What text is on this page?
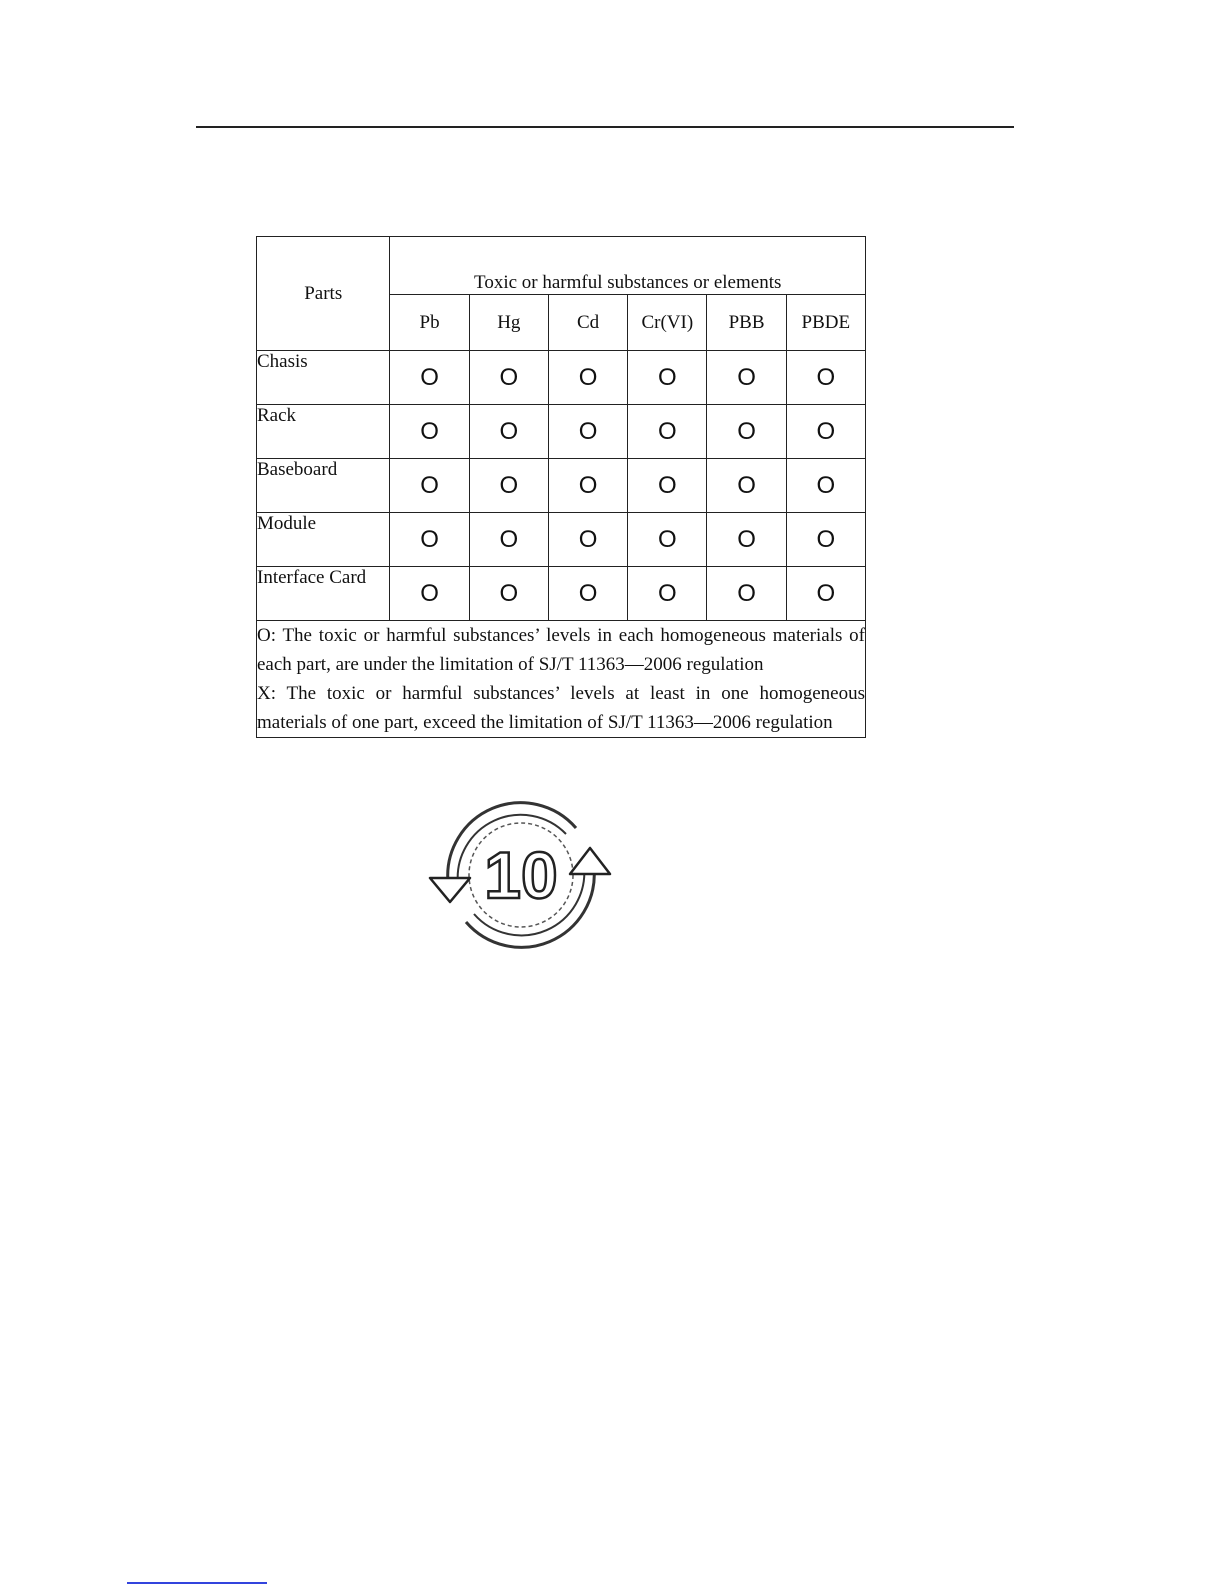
Parts	Toxic or harmful substances or elements					
	Pb	Hg	Cd	Cr(VI)	PBB	PBDE
Chasis	O	O	O	O	O	O
Rack	O	O	O	O	O	O
Baseboard	O	O	O	O	O	O
Module	O	O	O	O	O	O
Interface Card	O	O	O	O	O	O

O: The toxic or harmful substances’ levels in each homogeneous materials of each part, are under the limitation of SJ/T 11363—2006 regulation

X: The toxic or harmful substances’ levels at least in one homogeneous materials of one part, exceed the limitation of SJ/T 11363—2006 regulation						

10
